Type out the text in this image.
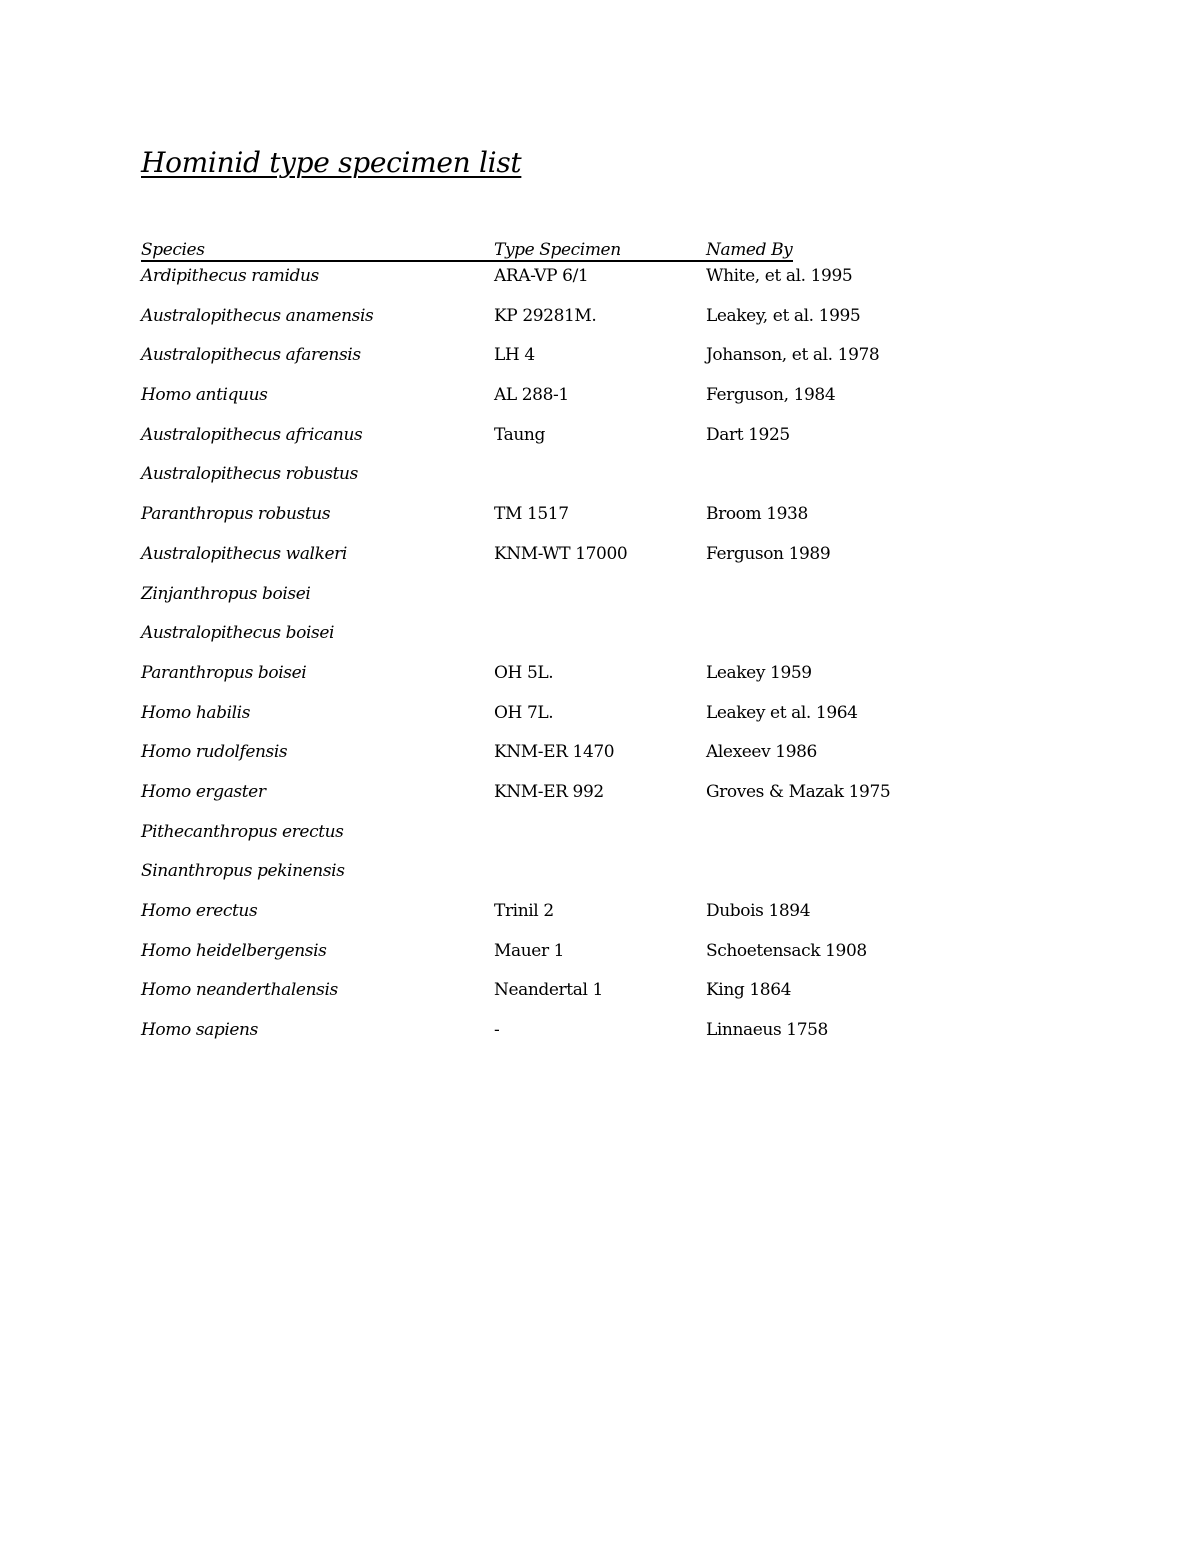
Hominid type specimen list
Species	Type Specimen	Named By
Ardipithecus ramidus	ARA-VP 6/1	White, et al. 1995
Australopithecus anamensis	KP 29281M.	Leakey, et al. 1995
Australopithecus afarensis	LH 4	Johanson, et al. 1978
Homo antiquus	AL 288-1	Ferguson, 1984
Australopithecus africanus	Taung	Dart 1925
Australopithecus robustus
Paranthropus robustus	TM 1517	Broom 1938
Australopithecus walkeri	KNM-WT 17000	Ferguson 1989
Zinjanthropus boisei
Australopithecus boisei
Paranthropus boisei	OH 5L.	Leakey 1959
Homo habilis	OH 7L.	Leakey et al. 1964
Homo rudolfensis	KNM-ER 1470	Alexeev 1986
Homo ergaster	KNM-ER 992	Groves & Mazak 1975
Pithecanthropus erectus
Sinanthropus pekinensis
Homo erectus	Trinil 2	Dubois 1894
Homo heidelbergensis	Mauer 1	Schoetensack 1908
Homo neanderthalensis	Neandertal 1	King 1864
Homo sapiens	-	Linnaeus 1758
